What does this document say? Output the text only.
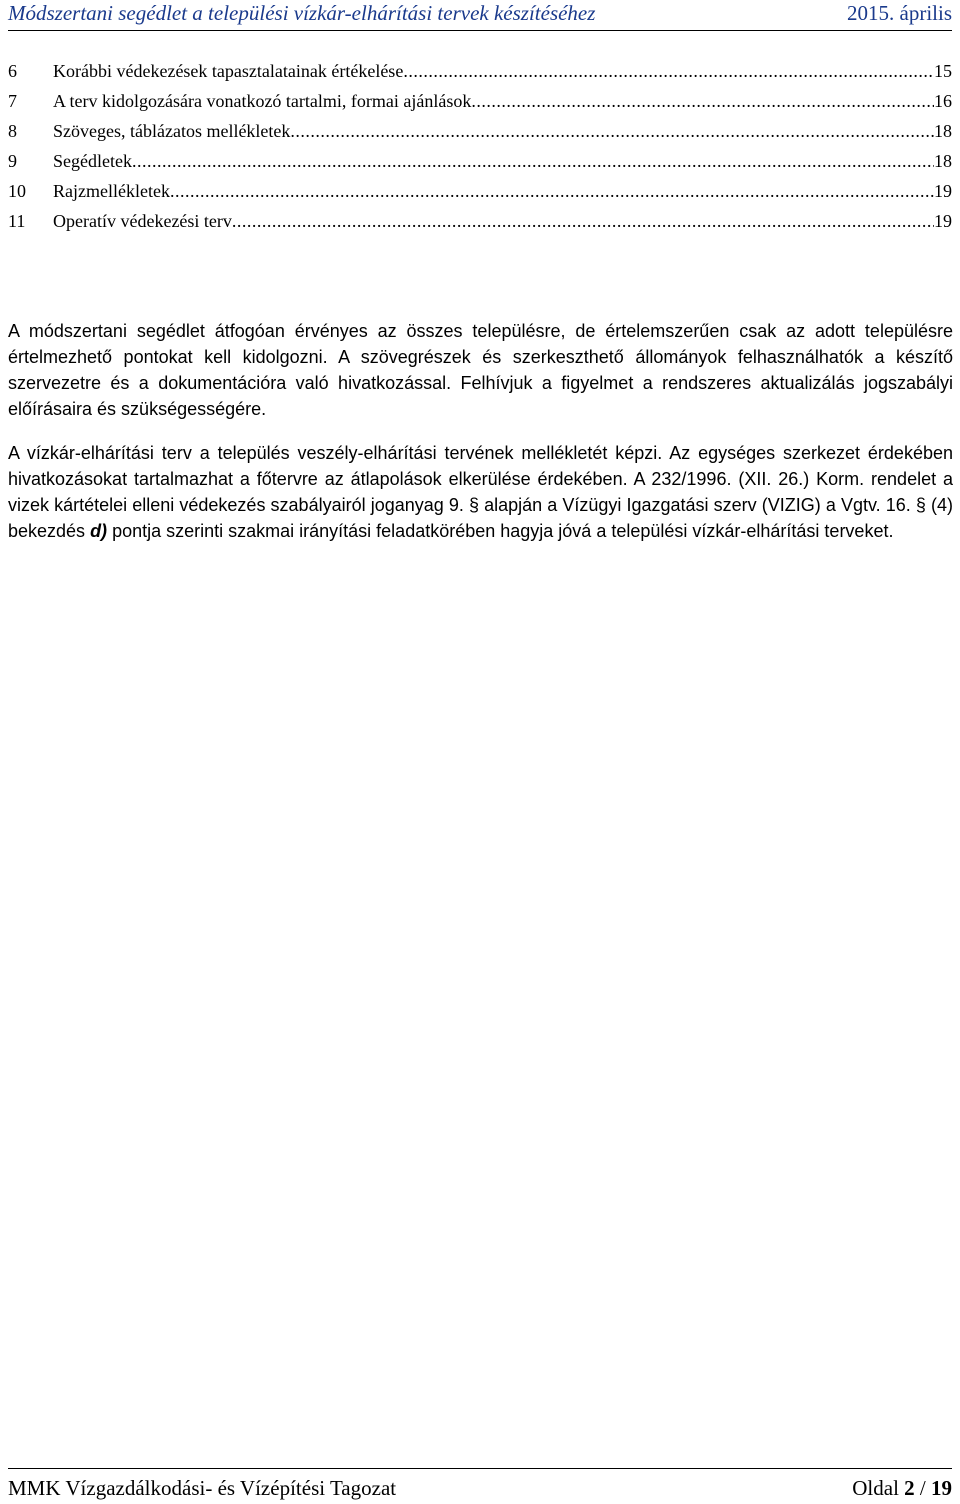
Módszertani segédlet a települési vízkár-elhárítási tervek készítéséhez	2015. április
6	Korábbi védekezések tapasztalatainak értékelése .....	15
7	A terv kidolgozására vonatkozó tartalmi, formai ajánlások .....	16
8	Szöveges, táblázatos mellékletek .....	18
9	Segédletek .....	18
10	Rajzmellékletek .....	19
11	Operatív védekezési terv .....	19

A módszertani segédlet átfogóan érvényes az összes településre, de értelemszerűen csak az adott településre értelmezhető pontokat kell kidolgozni. A szövegrészek és szerkeszthető állományok felhasználhatók a készítő szervezetre és a dokumentációra való hivatkozással. Felhívjuk a figyelmet a rendszeres aktualizálás jogszabályi előírásaira és szükségességére.

A vízkár-elhárítási terv a település veszély-elhárítási tervének mellékletét képzi. Az egységes szerkezet érdekében hivatkozásokat tartalmazhat a főtervre az átlapolások elkerülése érdekében. A 232/1996. (XII. 26.) Korm. rendelet a vizek kártételei elleni védekezés szabályairól joganyag 9. § alapján a Vízügyi Igazgatási szerv (VIZIG) a Vgtv. 16. § (4) bekezdés d) pontja szerinti szakmai irányítási feladatkörében hagyja jóvá a települési vízkár-elhárítási terveket.

MMK Vízgazdálkodási- és Vízépítési Tagozat	Oldal 2 / 19
